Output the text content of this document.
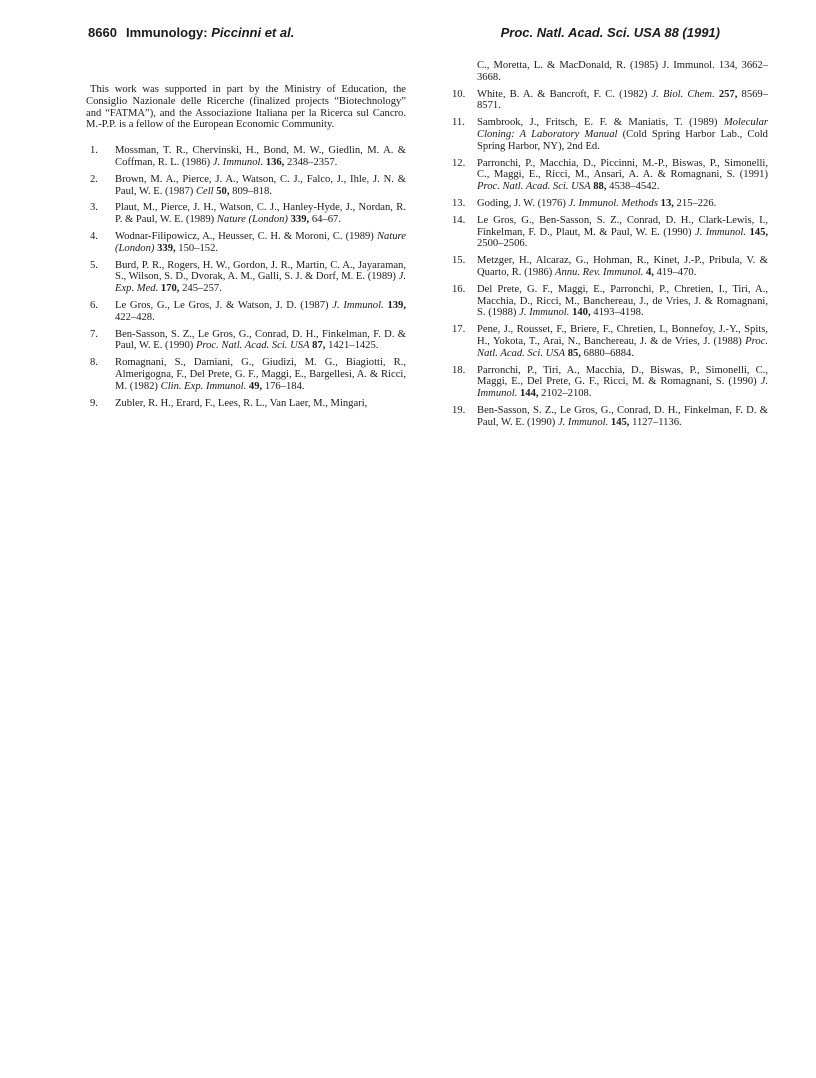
8660 Immunology: Piccinni et al.	Proc. Natl. Acad. Sci. USA 88 (1991)

This work was supported in part by the Ministry of Education, the Consiglio Nazionale delle Ricerche (finalized projects “Biotechnology” and “FATMA”), and the Associazione Italiana per la Ricerca sul Cancro. M.-P.P. is a fellow of the European Economic Community.

1. Mossman, T. R., Chervinski, H., Bond, M. W., Giedlin, M. A. & Coffman, R. L. (1986) J. Immunol. 136, 2348–2357.

2. Brown, M. A., Pierce, J. A., Watson, C. J., Falco, J., Ihle, J. N. & Paul, W. E. (1987) Cell 50, 809–818.

3. Plaut, M., Pierce, J. H., Watson, C. J., Hanley-Hyde, J., Nordan, R. P. & Paul, W. E. (1989) Nature (London) 339, 64–67.

4. Wodnar-Filipowicz, A., Heusser, C. H. & Moroni, C. (1989) Nature (London) 339, 150–152.

5. Burd, P. R., Rogers, H. W., Gordon, J. R., Martin, C. A., Jayaraman, S., Wilson, S. D., Dvorak, A. M., Galli, S. J. & Dorf, M. E. (1989) J. Exp. Med. 170, 245–257.

6. Le Gros, G., Le Gros, J. & Watson, J. D. (1987) J. Immunol. 139, 422–428.

7. Ben-Sasson, S. Z., Le Gros, G., Conrad, D. H., Finkelman, F. D. & Paul, W. E. (1990) Proc. Natl. Acad. Sci. USA 87, 1421–1425.

8. Romagnani, S., Damiani, G., Giudizi, M. G., Biagiotti, R., Almerigogna, F., Del Prete, G. F., Maggi, E., Bargellesi, A. & Ricci, M. (1982) Clin. Exp. Immunol. 49, 176–184.

9. Zubler, R. H., Erard, F., Lees, R. L., Van Laer, M., Mingari,

C., Moretta, L. & MacDonald, R. (1985) J. Immunol. 134, 3662–3668.

10. White, B. A. & Bancroft, F. C. (1982) J. Biol. Chem. 257, 8569–8571.

11. Sambrook, J., Fritsch, E. F. & Maniatis, T. (1989) Molecular Cloning: A Laboratory Manual (Cold Spring Harbor Lab., Cold Spring Harbor, NY), 2nd Ed.

12. Parronchi, P., Macchia, D., Piccinni, M.-P., Biswas, P., Simonelli, C., Maggi, E., Ricci, M., Ansari, A. A. & Romagnani, S. (1991) Proc. Natl. Acad. Sci. USA 88, 4538–4542.

13. Goding, J. W. (1976) J. Immunol. Methods 13, 215–226.

14. Le Gros, G., Ben-Sasson, S. Z., Conrad, D. H., Clark-Lewis, I., Finkelman, F. D., Plaut, M. & Paul, W. E. (1990) J. Immunol. 145, 2500–2506.

15. Metzger, H., Alcaraz, G., Hohman, R., Kinet, J.-P., Pribula, V. & Quarto, R. (1986) Annu. Rev. Immunol. 4, 419–470.

16. Del Prete, G. F., Maggi, E., Parronchi, P., Chretien, I., Tiri, A., Macchia, D., Ricci, M., Banchereau, J., de Vries, J. & Romagnani, S. (1988) J. Immunol. 140, 4193–4198.

17. Pene, J., Rousset, F., Briere, F., Chretien, I., Bonnefoy, J.-Y., Spits, H., Yokota, T., Arai, N., Banchereau, J. & de Vries, J. (1988) Proc. Natl. Acad. Sci. USA 85, 6880–6884.

18. Parronchi, P., Tiri, A., Macchia, D., Biswas, P., Simonelli, C., Maggi, E., Del Prete, G. F., Ricci, M. & Romagnani, S. (1990) J. Immunol. 144, 2102–2108.

19. Ben-Sasson, S. Z., Le Gros, G., Conrad, D. H., Finkelman, F. D. & Paul, W. E. (1990) J. Immunol. 145, 1127–1136.
